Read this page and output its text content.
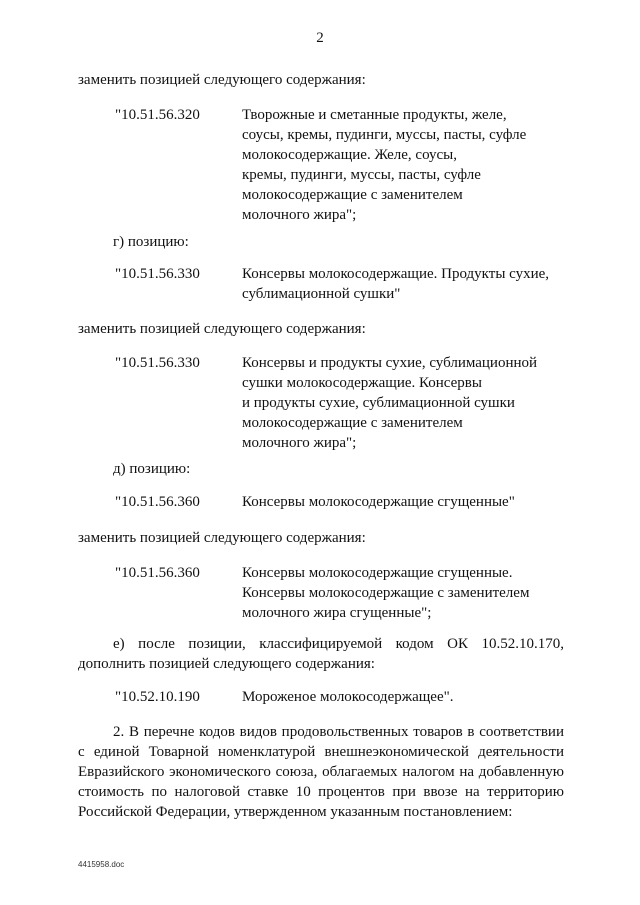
2
заменить позицией следующего содержания:
"10.51.56.320	Творожные и сметанные продукты, желе,
соусы, кремы, пудинги, муссы, пасты, суфле
молокосодержащие. Желе, соусы,
кремы, пудинги, муссы, пасты, суфле
молокосодержащие с заменителем
молочного жира";
г) позицию:
"10.51.56.330	Консервы молокосодержащие. Продукты сухие,
сублимационной сушки"
заменить позицией следующего содержания:
"10.51.56.330	Консервы и продукты сухие, сублимационной
сушки молокосодержащие. Консервы
и продукты сухие, сублимационной сушки
молокосодержащие с заменителем
молочного жира";
д) позицию:
"10.51.56.360	Консервы молокосодержащие сгущенные"
заменить позицией следующего содержания:
"10.51.56.360	Консервы молокосодержащие сгущенные.
Консервы молокосодержащие с заменителем
молочного жира сгущенные";
е) после позиции, классифицируемой кодом ОК 10.52.10.170,
дополнить позицией следующего содержания:
"10.52.10.190	Мороженое молокосодержащее".
2. В перечне кодов видов продовольственных товаров в соответствии
с единой Товарной номенклатурой внешнеэкономической деятельности
Евразийского экономического союза, облагаемых налогом на добавленную
стоимость по налоговой ставке 10 процентов при ввозе на территорию
Российской Федерации, утвержденном указанным постановлением:
4415958.doc
